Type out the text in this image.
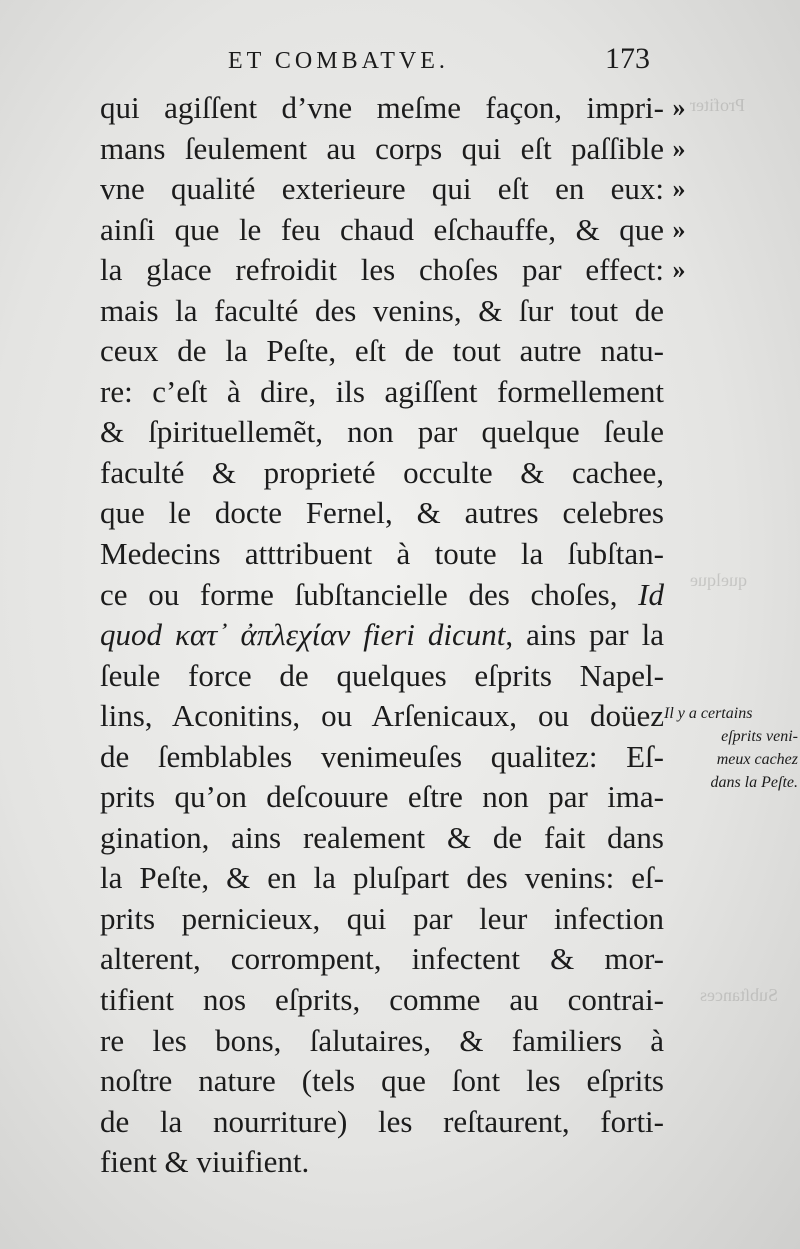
Profiter
quelque
Subſtances
ET COMBATVE.	173
qui agiſſent d’vne meſme façon, impri-
mans ſeulement au corps qui eſt paſſible
vne qualité exterieure qui eſt en eux:
ainſi que le feu chaud eſchauffe, & que
la glace refroidit les choſes par effect:
mais la faculté des venins, & ſur tout de
ceux de la Peſte, eſt de tout autre natu-
re: c’eſt à dire, ils agiſſent formellement
& ſpirituellemẽt, non par quelque ſeule
faculté & proprieté occulte & cachee,
que le docte Fernel, & autres celebres
Medecins atttribuent à toute la ſubſtan-
ce ou forme ſubſtancielle des choſes, Id
quod κατ᾽ ἀπλεχίαν fieri dicunt, ains par la
ſeule force de quelques eſprits Napel-
lins, Aconitins, ou Arſenicaux, ou doüez
de ſemblables venimeuſes qualitez: Eſ-
prits qu’on deſcouure eſtre non par ima-
gination, ains realement & de fait dans
la Peſte, & en la pluſpart des venins: eſ-
prits pernicieux, qui par leur infection
alterent, corrompent, infectent & mor-
tifient nos eſprits, comme au contrai-
re les bons, ſalutaires, & familiers à
noſtre nature (tels que ſont les eſprits
de la nourriture) les reſtaurent, forti-
fient & viuifient.
»
»
»
»
»
Il y a certains
eſprits veni-
meux cachez
dans la Peſte.
